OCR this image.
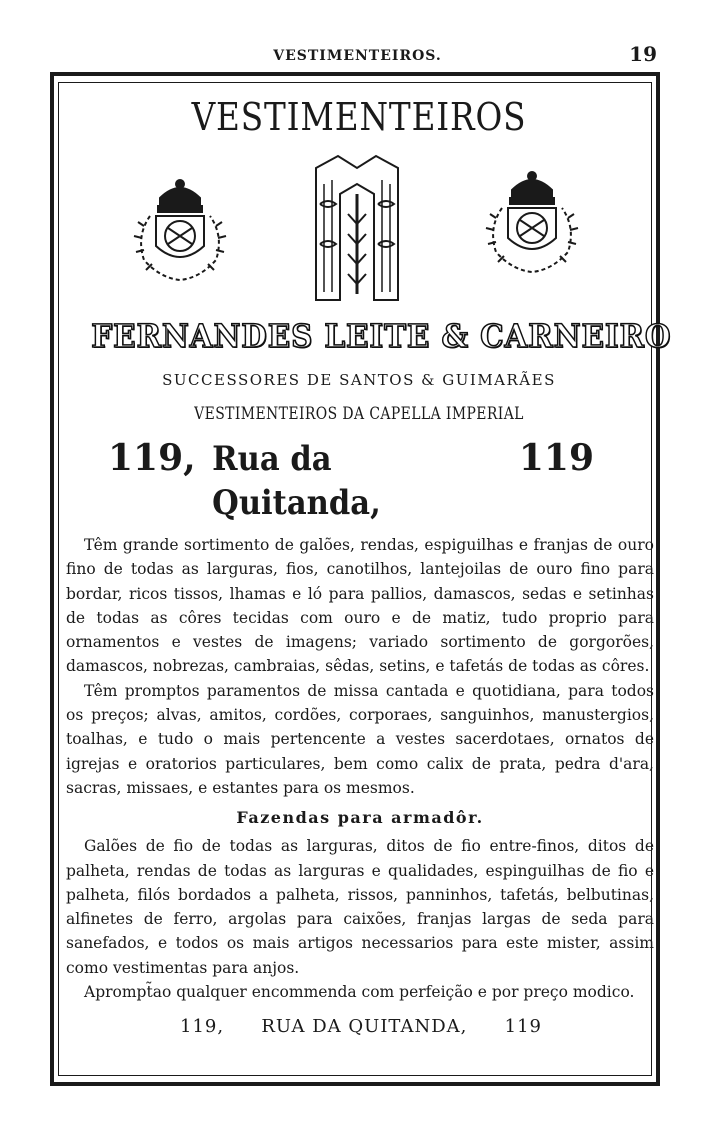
VESTIMENTEIROS.	19
VESTIMENTEIROS
FERNANDES LEITE & CARNEIRO
SUCCESSORES DE SANTOS & GUIMARÃES
VESTIMENTEIROS DA CAPELLA IMPERIAL
119, Rua da Quitanda,
119

Têm grande sortimento de galões, rendas, espiguilhas e franjas de ouro fino de todas as larguras, fios, canotilhos, lantejoilas de ouro fino para bordar, ricos tissos, lhamas e ló para pallios, damascos, sedas e setinhas de todas as côres tecidas com ouro e de matiz, tudo proprio para ornamentos e vestes de imagens; variado sortimento de gorgorões, damascos, nobrezas, cambraias, sêdas, setins, e tafetás de todas as côres.

Têm promptos paramentos de missa cantada e quotidiana, para todos os preços; alvas, amitos, cordões, corporaes, sanguinhos, manustergios, toalhas, e tudo o mais pertencente a vestes sacerdotaes, ornatos de igrejas e oratorios particulares, bem como calix de prata, pedra d'ara, sacras, missaes, e estantes para os mesmos.

Fazendas para armadôr.

Galões de fio de todas as larguras, ditos de fio entre-finos, ditos de palheta, rendas de todas as larguras e qualidades, espinguilhas de fio e palheta, filós bordados a palheta, rissos, panninhos, tafetás, belbutinas, alfinetes de ferro, argolas para caixões, franjas largas de seda para sanefados, e todos os mais artigos necessarios para este mister, assim como vestimentas para anjos.

Aprompt̃ao qualquer encommenda com perfeição e por preço modico.

119, RUA DA QUITANDA, 119
